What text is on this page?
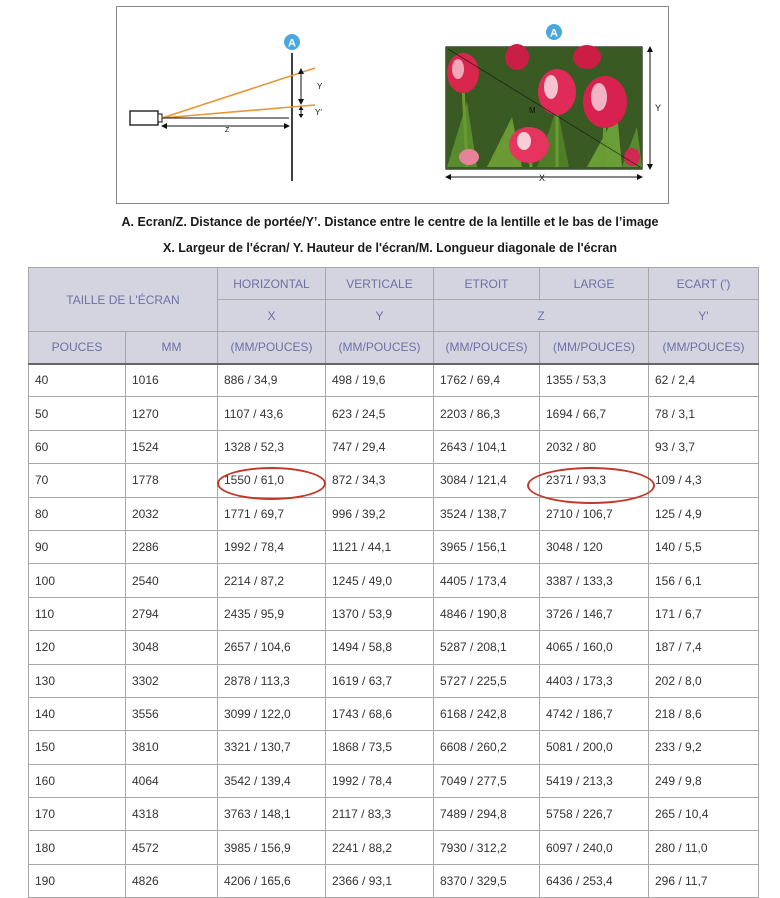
A
Y
Y'
Z
A
M	Y
X
A. Ecran/Z. Distance de portée/Y’. Distance entre le centre de la lentille et le bas de l’image
X. Largeur de l'écran/ Y. Hauteur de l'écran/M. Longueur diagonale de l'écran
TAILLE DE L'ÉCRAN		HORIZONTAL	VERTICALE	ETROIT	LARGE	ECART (')
		X	Y	Z		Y'
POUCES	MM	(MM/POUCES)	(MM/POUCES)	(MM/POUCES)	(MM/POUCES)	(MM/POUCES)
40	1016	886 / 34,9	498 / 19,6	1762 / 69,4	1355 / 53,3	62 / 2,4
50	1270	1107 / 43,6	623 / 24,5	2203 / 86,3	1694 / 66,7	78 / 3,1
60	1524	1328 / 52,3	747 / 29,4	2643 / 104,1	2032 / 80	93 / 3,7
70	1778	1550 / 61,0	872 / 34,3	3084 / 121,4	2371 / 93,3	109 / 4,3
80	2032	1771 / 69,7	996 / 39,2	3524 / 138,7	2710 / 106,7	125 / 4,9
90	2286	1992 / 78,4	1121 / 44,1	3965 / 156,1	3048 / 120	140 / 5,5
100	2540	2214 / 87,2	1245 / 49,0	4405 / 173,4	3387 / 133,3	156 / 6,1
110	2794	2435 / 95,9	1370 / 53,9	4846 / 190,8	3726 / 146,7	171 / 6,7
120	3048	2657 / 104,6	1494 / 58,8	5287 / 208,1	4065 / 160,0	187 / 7,4
130	3302	2878 / 113,3	1619 / 63,7	5727 / 225,5	4403 / 173,3	202 / 8,0
140	3556	3099 / 122,0	1743 / 68,6	6168 / 242,8	4742 / 186,7	218 / 8,6
150	3810	3321 / 130,7	1868 / 73,5	6608 / 260,2	5081 / 200,0	233 / 9,2
160	4064	3542 / 139,4	1992 / 78,4	7049 / 277,5	5419 / 213,3	249 / 9,8
170	4318	3763 / 148,1	2117 / 83,3	7489 / 294,8	5758 / 226,7	265 / 10,4
180	4572	3985 / 156,9	2241 / 88,2	7930 / 312,2	6097 / 240,0	280 / 11,0
190	4826	4206 / 165,6	2366 / 93,1	8370 / 329,5	6436 / 253,4	296 / 11,7
